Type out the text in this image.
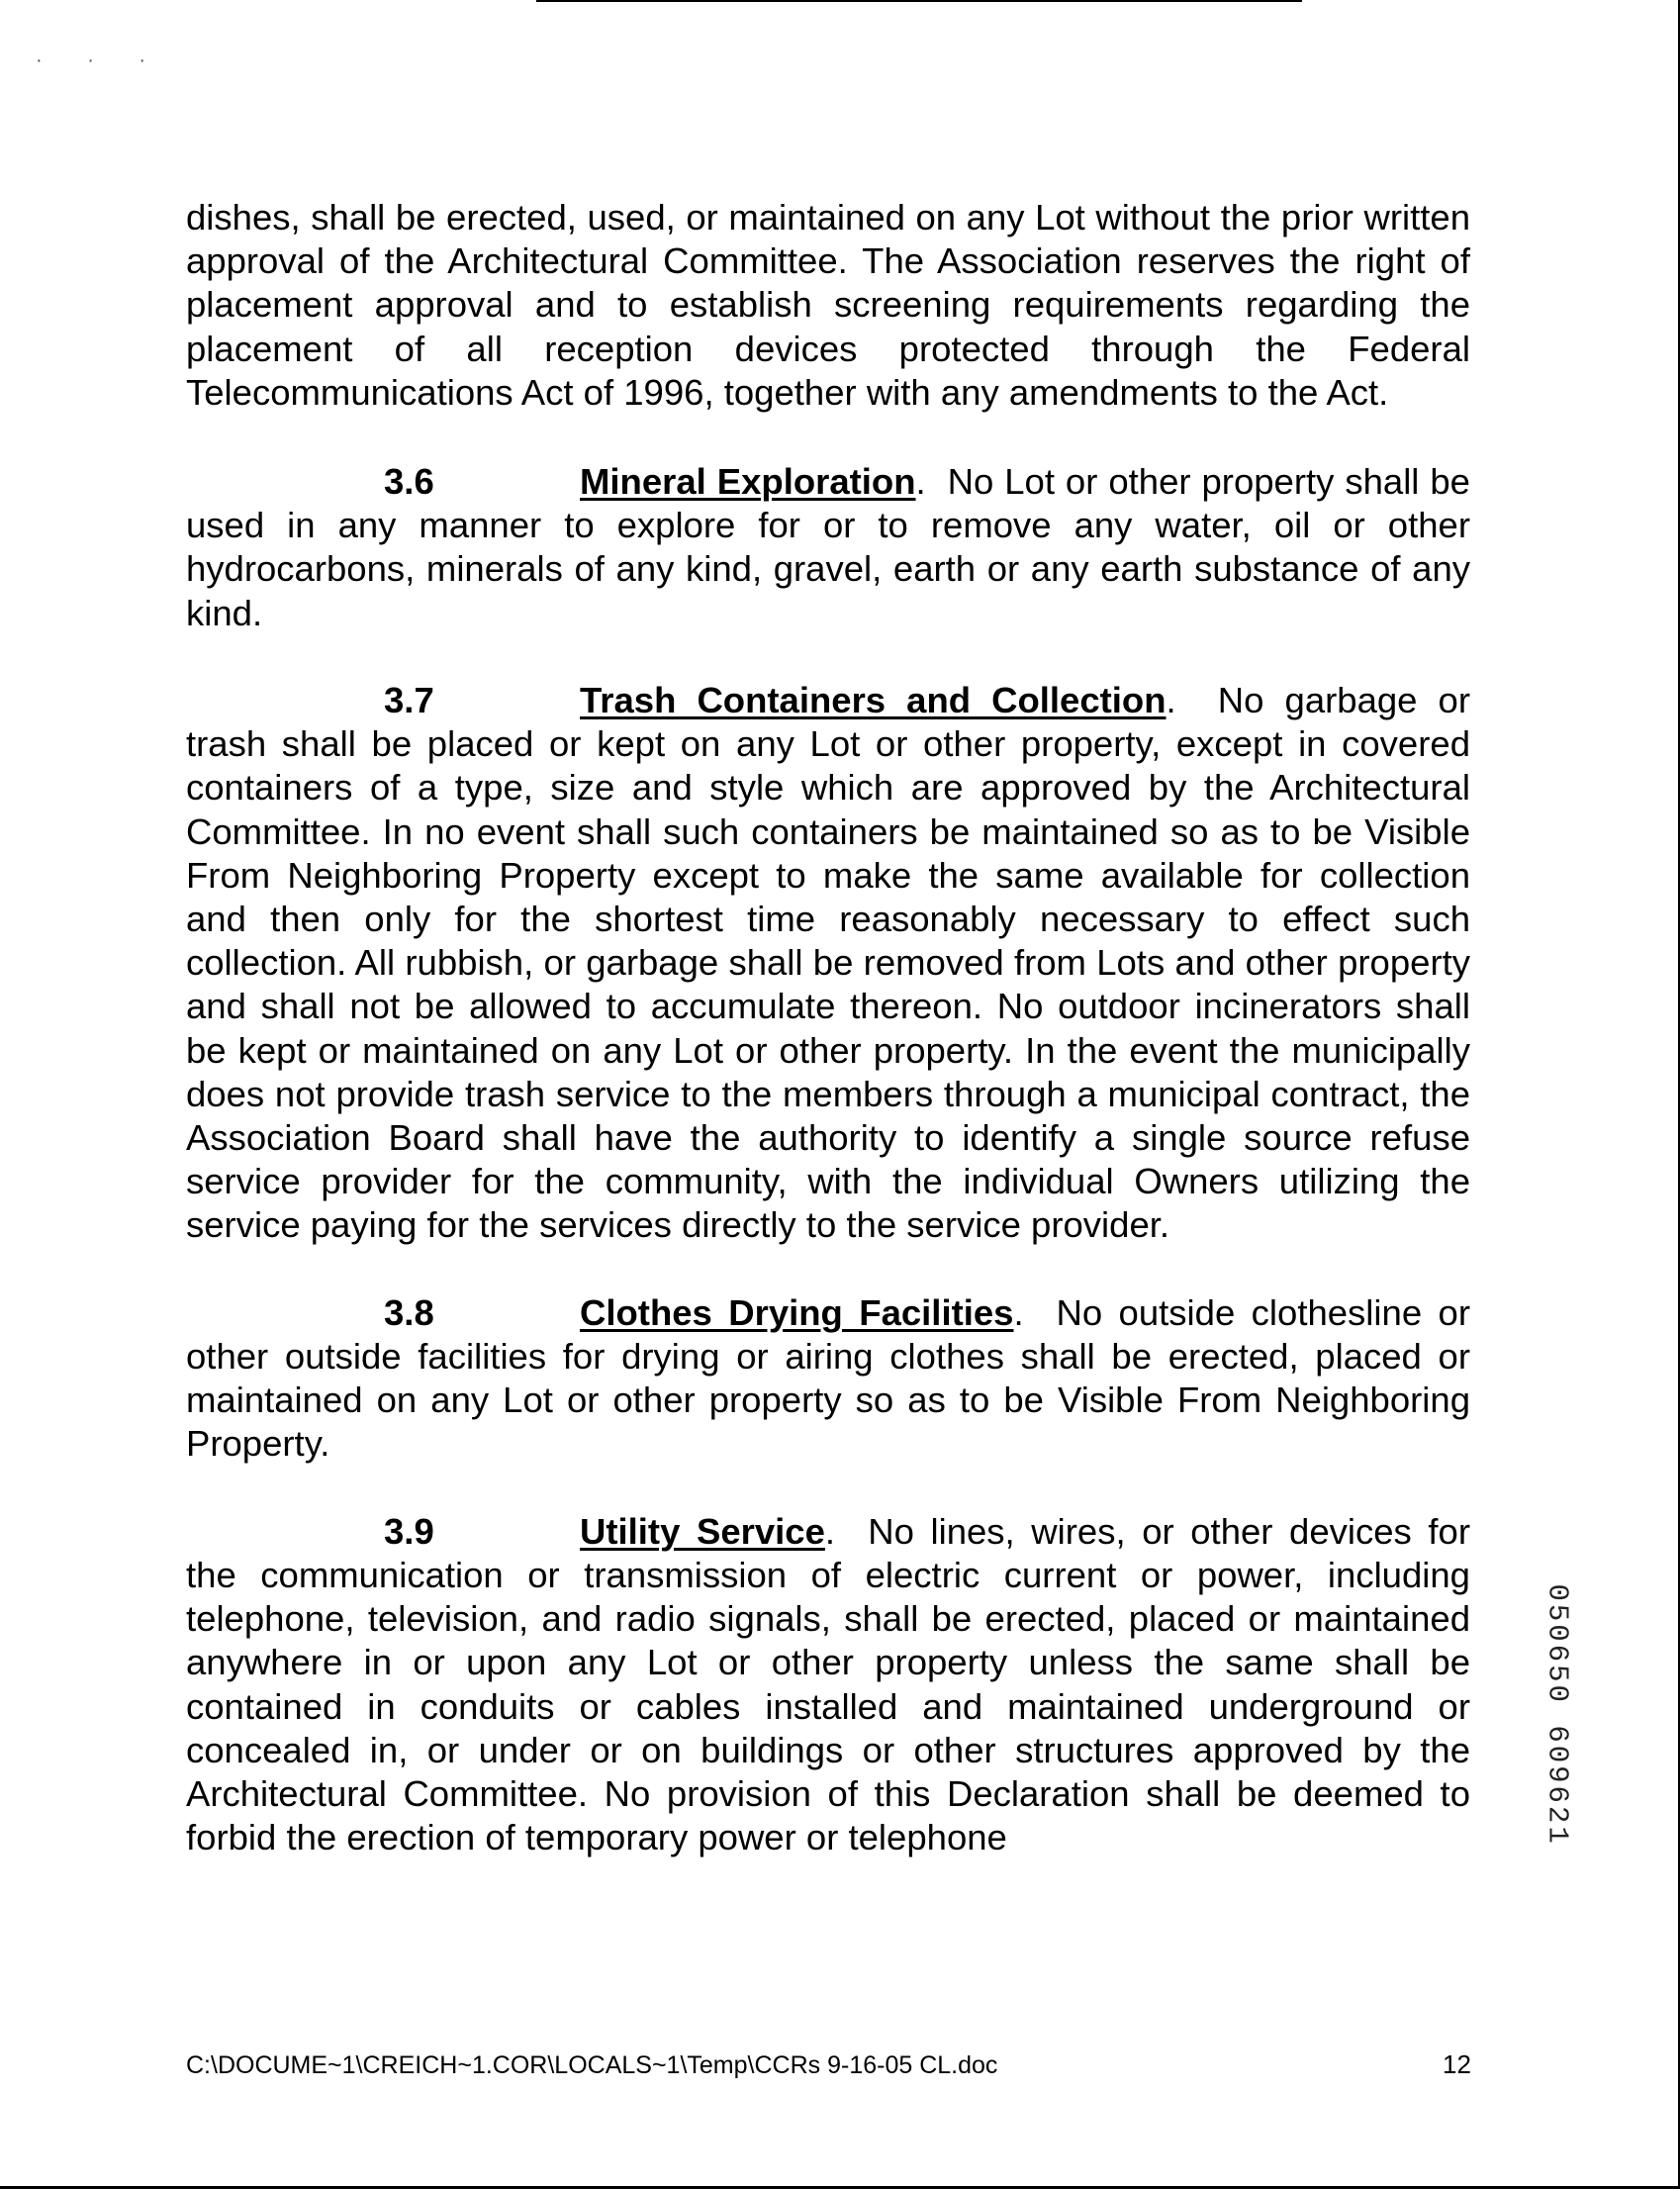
· · ·

dishes, shall be erected, used, or maintained on any Lot without the prior written approval of the Architectural Committee. The Association reserves the right of placement approval and to establish screening requirements regarding the placement of all reception devices protected through the Federal Telecommunications Act of 1996, together with any amendments to the Act.

3.6	Mineral Exploration.  No Lot or other property shall be used in any manner to explore for or to remove any water, oil or other hydrocarbons, minerals of any kind, gravel, earth or any earth substance of any kind.

3.7	Trash Containers and Collection.  No garbage or trash shall be placed or kept on any Lot or other property, except in covered containers of a type, size and style which are approved by the Architectural Committee. In no event shall such containers be maintained so as to be Visible From Neighboring Property except to make the same available for collection and then only for the shortest time reasonably necessary to effect such collection. All rubbish, or garbage shall be removed from Lots and other property and shall not be allowed to accumulate thereon. No outdoor incinerators shall be kept or maintained on any Lot or other property. In the event the municipally does not provide trash service to the members through a municipal contract, the Association Board shall have the authority to identify a single source refuse service provider for the community, with the individual Owners utilizing the service paying for the services directly to the service provider.

3.8	Clothes Drying Facilities.  No outside clothesline or other outside facilities for drying or airing clothes shall be erected, placed or maintained on any Lot or other property so as to be Visible From Neighboring Property.

3.9	Utility Service.  No lines, wires, or other devices for the communication or transmission of electric current or power, including telephone, television, and radio signals, shall be erected, placed or maintained anywhere in or upon any Lot or other property unless the same shall be contained in conduits or cables installed and maintained underground or concealed in, or under or on buildings or other structures approved by the Architectural Committee. No provision of this Declaration shall be deemed to forbid the erection of temporary power or telephone	050650 609621
C:\DOCUME~1\CREICH~1.COR\LOCALS~1\Temp\CCRs 9-16-05 CL.doc	12
